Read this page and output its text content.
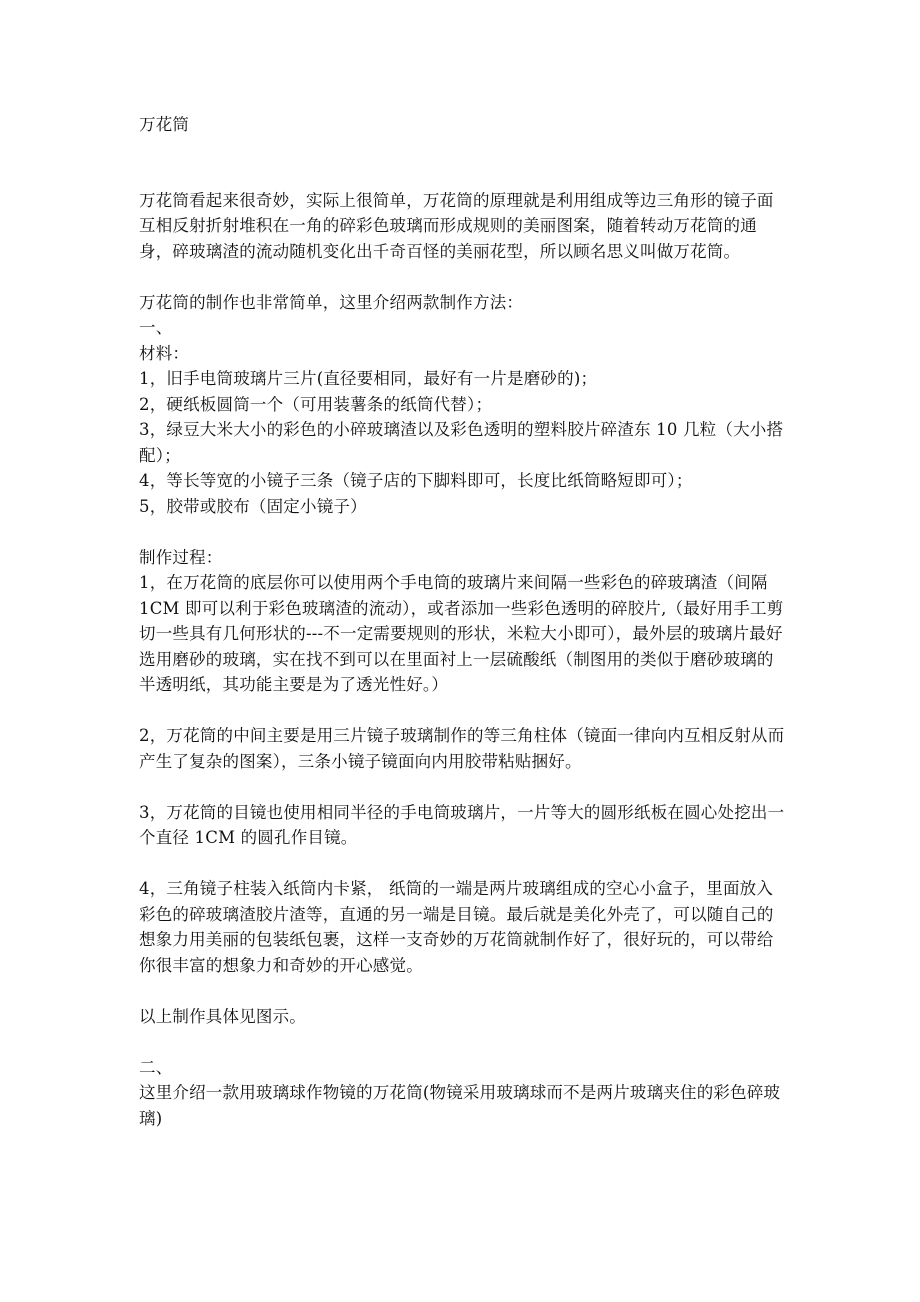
万花筒

万花筒看起来很奇妙，实际上很简单，万花筒的原理就是利用组成等边三角形的镜子面互相反射折射堆积在一角的碎彩色玻璃而形成规则的美丽图案，随着转动万花筒的通身，碎玻璃渣的流动随机变化出千奇百怪的美丽花型，所以顾名思义叫做万花筒。

万花筒的制作也非常简单，这里介绍两款制作方法：

一、

材料：

1，旧手电筒玻璃片三片(直径要相同，最好有一片是磨砂的)；

2，硬纸板圆筒一个（可用装薯条的纸筒代替）；

3，绿豆大米大小的彩色的小碎玻璃渣以及彩色透明的塑料胶片碎渣东 10 几粒（大小搭配）；

4，等长等宽的小镜子三条（镜子店的下脚料即可，长度比纸筒略短即可）；

5，胶带或胶布（固定小镜子）

制作过程：

1，在万花筒的底层你可以使用两个手电筒的玻璃片来间隔一些彩色的碎玻璃渣（间隔 1CM 即可以利于彩色玻璃渣的流动），或者添加一些彩色透明的碎胶片,（最好用手工剪切一些具有几何形状的---不一定需要规则的形状，米粒大小即可），最外层的玻璃片最好选用磨砂的玻璃，实在找不到可以在里面衬上一层硫酸纸（制图用的类似于磨砂玻璃的半透明纸，其功能主要是为了透光性好。）

2，万花筒的中间主要是用三片镜子玻璃制作的等三角柱体（镜面一律向内互相反射从而产生了复杂的图案），三条小镜子镜面向内用胶带粘贴捆好。

3，万花筒的目镜也使用相同半径的手电筒玻璃片，一片等大的圆形纸板在圆心处挖出一个直径 1CM 的圆孔作目镜。

4，三角镜子柱装入纸筒内卡紧， 纸筒的一端是两片玻璃组成的空心小盒子，里面放入彩色的碎玻璃渣胶片渣等，直通的另一端是目镜。最后就是美化外壳了，可以随自己的想象力用美丽的包装纸包裹，这样一支奇妙的万花筒就制作好了，很好玩的，可以带给你很丰富的想象力和奇妙的开心感觉。

以上制作具体见图示。

二、

这里介绍一款用玻璃球作物镜的万花筒(物镜采用玻璃球而不是两片玻璃夹住的彩色碎玻璃)
